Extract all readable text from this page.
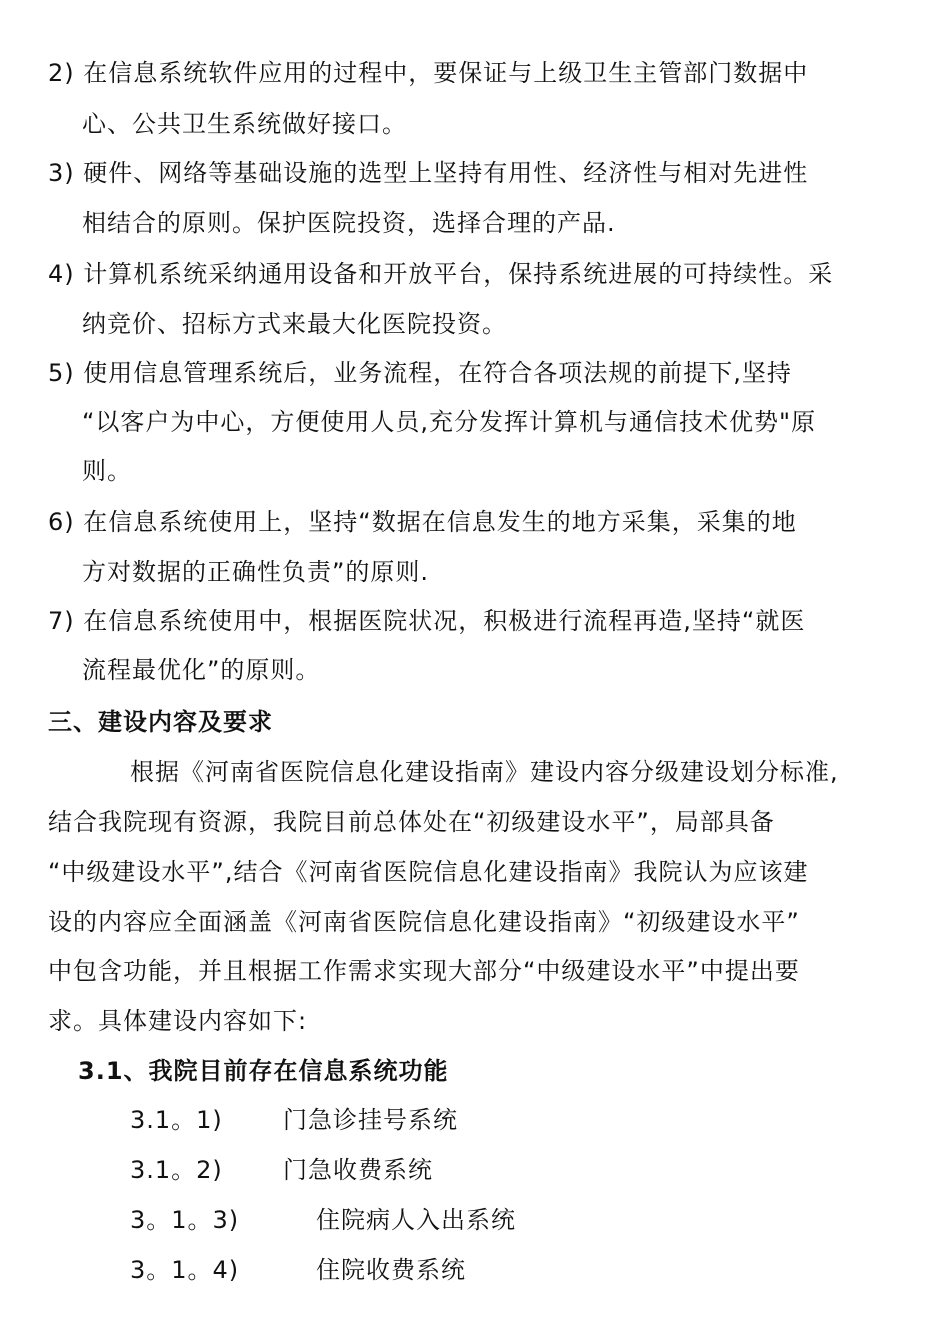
2) 在信息系统软件应用的过程中，要保证与上级卫生主管部门数据中
心、公共卫生系统做好接口。
3) 硬件、网络等基础设施的选型上坚持有用性、经济性与相对先进性
相结合的原则。保护医院投资，选择合理的产品.
4) 计算机系统采纳通用设备和开放平台，保持系统进展的可持续性。采
纳竞价、招标方式来最大化医院投资。
5) 使用信息管理系统后，业务流程，在符合各项法规的前提下,坚持
“以客户为中心，方便使用人员,充分发挥计算机与通信技术优势"原
则。
6) 在信息系统使用上，坚持“数据在信息发生的地方采集，采集的地
方对数据的正确性负责”的原则.
7) 在信息系统使用中，根据医院状况，积极进行流程再造,坚持“就医
流程最优化”的原则。
三、建设内容及要求
根据《河南省医院信息化建设指南》建设内容分级建设划分标准,
结合我院现有资源，我院目前总体处在“初级建设水平”，局部具备
“中级建设水平”,结合《河南省医院信息化建设指南》我院认为应该建
设的内容应全面涵盖《河南省医院信息化建设指南》“初级建设水平”
中包含功能，并且根据工作需求实现大部分“中级建设水平”中提出要
求。具体建设内容如下:
3.1、我院目前存在信息系统功能
3.1。1)	门急诊挂号系统
3.1。2)	门急收费系统
3。1。3)	住院病人入出系统
3。1。4)	住院收费系统
